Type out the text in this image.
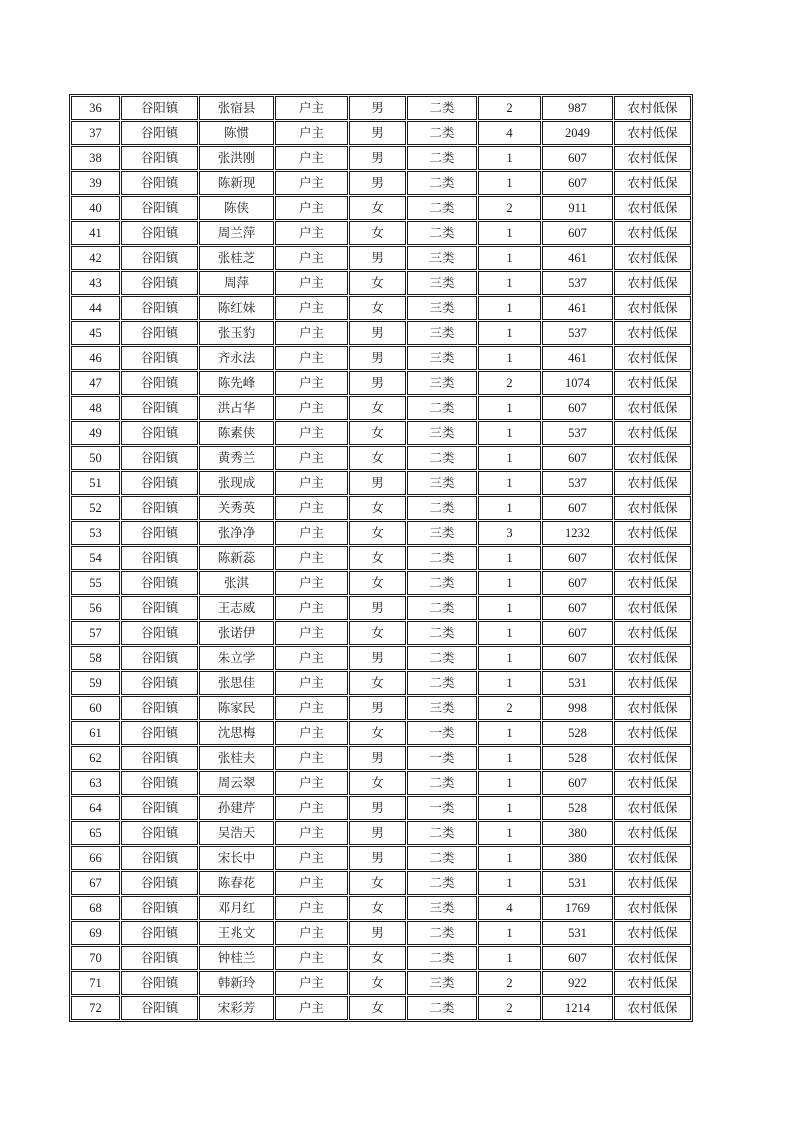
36	谷阳镇	张宿县	户主	男	二类	2	987	农村低保
37	谷阳镇	陈惯	户主	男	二类	4	2049	农村低保
38	谷阳镇	张洪刚	户主	男	二类	1	607	农村低保
39	谷阳镇	陈新现	户主	男	二类	1	607	农村低保
40	谷阳镇	陈侠	户主	女	二类	2	911	农村低保
41	谷阳镇	周兰萍	户主	女	二类	1	607	农村低保
42	谷阳镇	张桂芝	户主	男	三类	1	461	农村低保
43	谷阳镇	周萍	户主	女	三类	1	537	农村低保
44	谷阳镇	陈红妹	户主	女	三类	1	461	农村低保
45	谷阳镇	张玉豹	户主	男	三类	1	537	农村低保
46	谷阳镇	齐永法	户主	男	三类	1	461	农村低保
47	谷阳镇	陈先峰	户主	男	三类	2	1074	农村低保
48	谷阳镇	洪占华	户主	女	二类	1	607	农村低保
49	谷阳镇	陈素侠	户主	女	三类	1	537	农村低保
50	谷阳镇	黄秀兰	户主	女	二类	1	607	农村低保
51	谷阳镇	张现成	户主	男	三类	1	537	农村低保
52	谷阳镇	关秀英	户主	女	二类	1	607	农村低保
53	谷阳镇	张净净	户主	女	三类	3	1232	农村低保
54	谷阳镇	陈新蕊	户主	女	二类	1	607	农村低保
55	谷阳镇	张淇	户主	女	二类	1	607	农村低保
56	谷阳镇	王志威	户主	男	二类	1	607	农村低保
57	谷阳镇	张诺伊	户主	女	二类	1	607	农村低保
58	谷阳镇	朱立学	户主	男	二类	1	607	农村低保
59	谷阳镇	张思佳	户主	女	二类	1	531	农村低保
60	谷阳镇	陈家民	户主	男	三类	2	998	农村低保
61	谷阳镇	沈思梅	户主	女	一类	1	528	农村低保
62	谷阳镇	张桂夫	户主	男	一类	1	528	农村低保
63	谷阳镇	周云翠	户主	女	二类	1	607	农村低保
64	谷阳镇	孙建芹	户主	男	一类	1	528	农村低保
65	谷阳镇	吴浩天	户主	男	二类	1	380	农村低保
66	谷阳镇	宋长中	户主	男	二类	1	380	农村低保
67	谷阳镇	陈春花	户主	女	二类	1	531	农村低保
68	谷阳镇	邓月红	户主	女	三类	4	1769	农村低保
69	谷阳镇	王兆文	户主	男	二类	1	531	农村低保
70	谷阳镇	钟桂兰	户主	女	二类	1	607	农村低保
71	谷阳镇	韩新玲	户主	女	三类	2	922	农村低保
72	谷阳镇	宋彩芳	户主	女	二类	2	1214	农村低保
